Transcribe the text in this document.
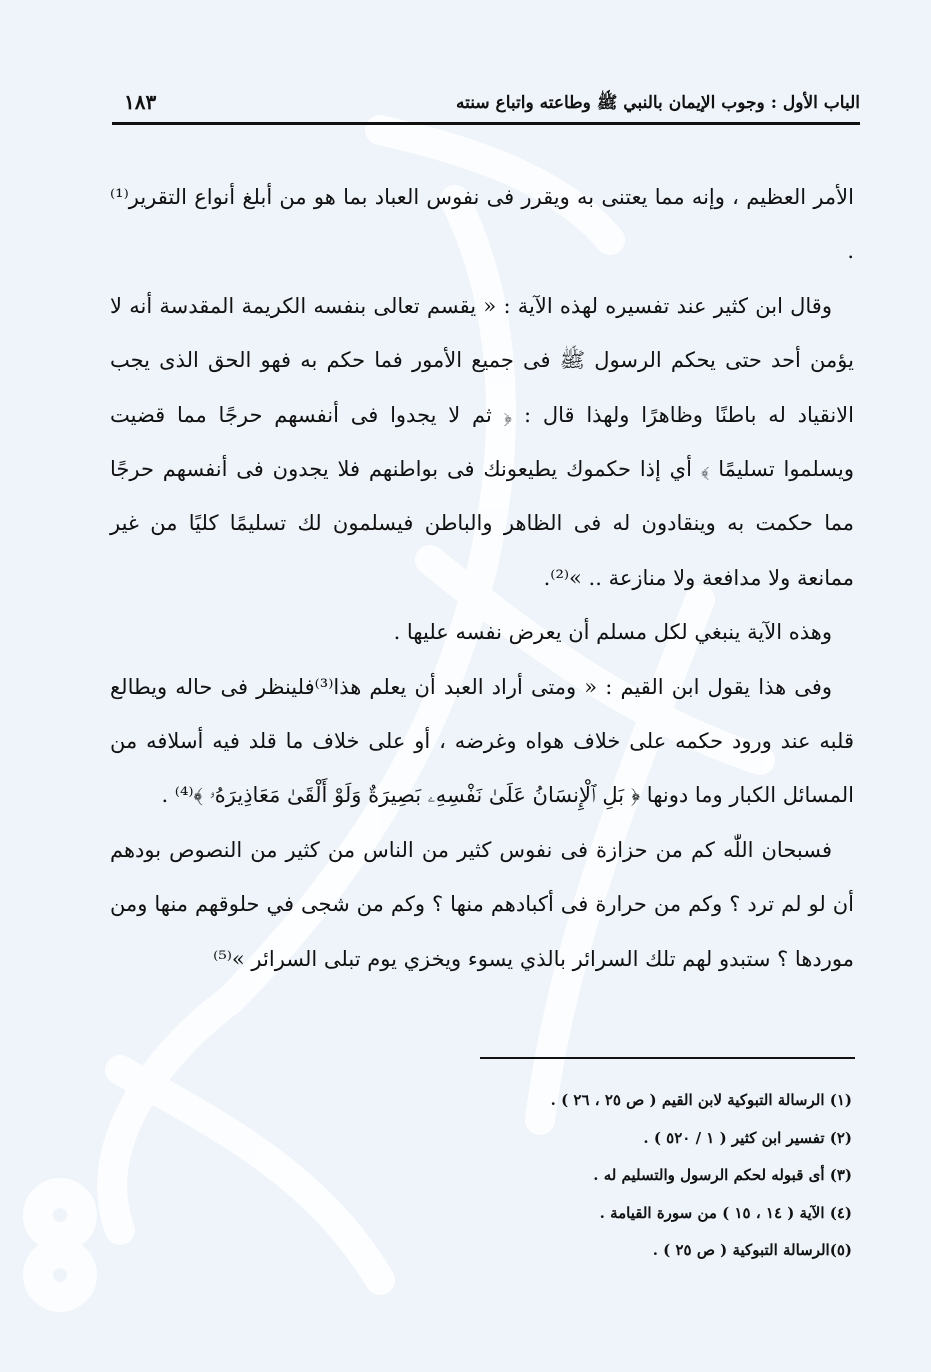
الباب الأول : وجوب الإيمان بالنبي ﷺ وطاعته واتباع سنته
١٨٣

الأمر العظيم ، وإنه مما يعتنى به ويقرر فى نفوس العباد بما هو من أبلغ أنواع التقرير⁽¹⁾ .

وقال ابن كثير عند تفسيره لهذه الآية : « يقسم تعالى بنفسه الكريمة المقدسة أنه لا يؤمن أحد حتى يحكم الرسول ﷺ فى جميع الأمور فما حكم به فهو الحق الذى يجب الانقياد له باطنًا وظاهرًا ولهذا قال : ﴿ ثم لا يجدوا فى أنفسهم حرجًا مما قضيت ويسلموا تسليمًا ﴾ أي إذا حكموك يطيعونك فى بواطنهم فلا يجدون فى أنفسهم حرجًا مما حكمت به وينقادون له فى الظاهر والباطن فيسلمون لك تسليمًا كليًا من غير ممانعة ولا مدافعة ولا منازعة .. »⁽²⁾.

وهذه الآية ينبغي لكل مسلم أن يعرض نفسه عليها .

وفى هذا يقول ابن القيم : « ومتى أراد العبد أن يعلم هذا⁽³⁾فلينظر فى حاله ويطالع قلبه عند ورود حكمه على خلاف هواه وغرضه ، أو على خلاف ما قلد فيه أسلافه من المسائل الكبار وما دونها ﴿ بَلِ ٱلْإِنسَانُ عَلَىٰ نَفْسِهِۦ بَصِيرَةٌ وَلَوْ أَلْقَىٰ مَعَاذِيرَهُۥ ﴾⁽⁴⁾ .

فسبحان اللّٰه كم من حزازة فى نفوس كثير من الناس من كثير من النصوص بودهم أن لو لم ترد ؟ وكم من حرارة فى أكبادهم منها ؟ وكم من شجى في حلوقهم منها ومن موردها ؟ ستبدو لهم تلك السرائر بالذي يسوء ويخزي يوم تبلى السرائر »⁽⁵⁾

(١) الرسالة التبوكية لابن القيم ( ص ٢٥ ، ٢٦ ) .
(٢) تفسير ابن كثير ( ١ / ٥٢٠ ) .
(٣) أى قبوله لحكم الرسول والتسليم له .
(٤) الآية ( ١٤ ، ١٥ ) من سورة القيامة .
(٥)الرسالة التبوكية ( ص ٢٥ ) .
